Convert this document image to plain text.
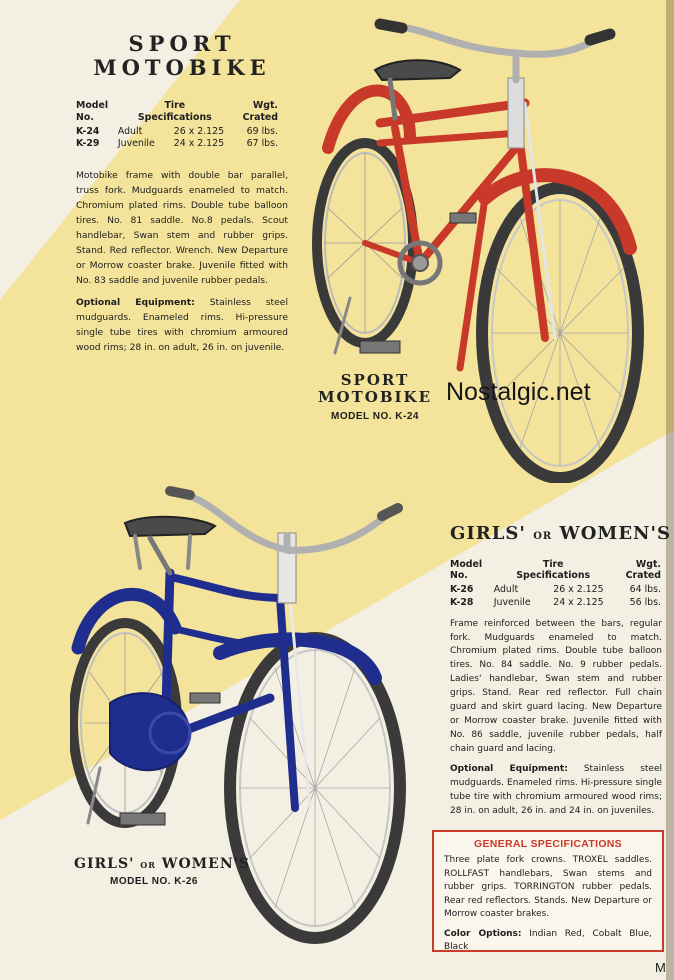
SPORT

MOTOBIKE

Model
No.	Tire
Specifications		Wgt.
Crated
K-24	Adult	26 x 2.125	69 lbs.
K-29	Juvenile	24 x 2.125	67 lbs.

Motobike frame with double bar parallel, truss fork. Mudguards enameled to match. Chromium plated rims. Double tube balloon tires. No. 81 saddle. No.8 pedals. Scout handlebar, Swan stem and rubber grips. Stand. Red reflector. Wrench. New Departure or Morrow coaster brake. Juvenile fitted with No. 83 saddle and juvenile rubber pedals.

Optional Equipment: Stainless steel mudguards. Enameled rims. Hi-pressure single tube tires with chromium armoured wood rims; 28 in. on adult, 26 in. on juvenile.

SPORT

MOTOBIKE

MODEL NO. K-24

Nostalgic.net

GIRLS' OR WOMEN'S

Model
No.	Tire
Specifications		Wgt.
Crated
K-26	Adult	26 x 2.125	64 lbs.
K-28	Juvenile	24 x 2.125	56 lbs.

Frame reinforced between the bars, regular fork. Mudguards enameled to match. Chromium plated rims. Double tube balloon tires. No. 84 saddle. No. 9 rubber pedals. Ladies' handlebar, Swan stem and rubber grips. Stand. Rear red reflector. Full chain guard and skirt guard lacing. New Departure or Morrow coaster brake. Juvenile fitted with No. 86 saddle, juvenile rubber pedals, half chain guard and lacing.

Optional Equipment: Stainless steel mudguards. Enameled rims. Hi-pressure single tube tire with chromium armoured wood rims; 28 in. on adult, 26 in. and 24 in. on juveniles.

GIRLS' OR WOMEN'S

MODEL NO. K-26

GENERAL SPECIFICATIONS

Three plate fork crowns. TROXEL saddles. ROLLFAST handlebars, Swan stems and rubber grips. TORRINGTON rubber pedals. Rear red reflectors. Stands. New Departure or Morrow coaster brakes.

Color Options: Indian Red, Cobalt Blue, Black

M
